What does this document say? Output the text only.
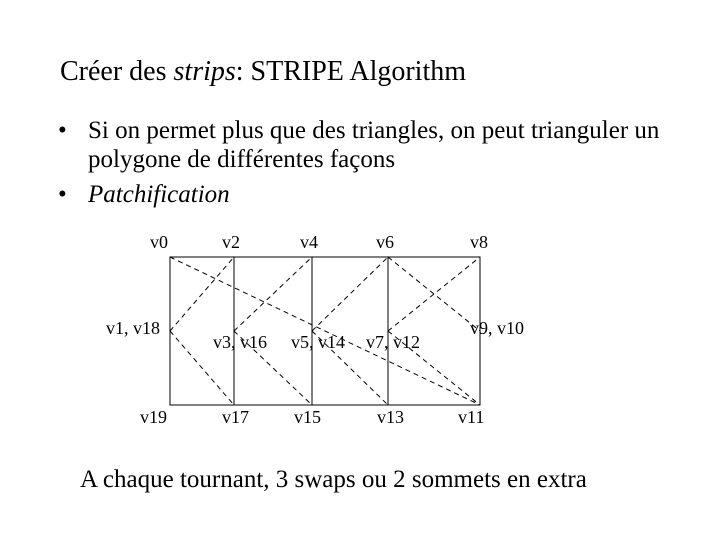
Créer des strips: STRIPE Algorithm
• Si on permet plus que des triangles, on peut trianguler un polygone de différentes façons
• Patchification
v0	v2	v4	v6	v8
v1, v18
v3, v16 v5, v14 v7, v12
v9, v10
v19	v17	v15	v13	v11
A chaque tournant, 3 swaps ou 2 sommets en extra
